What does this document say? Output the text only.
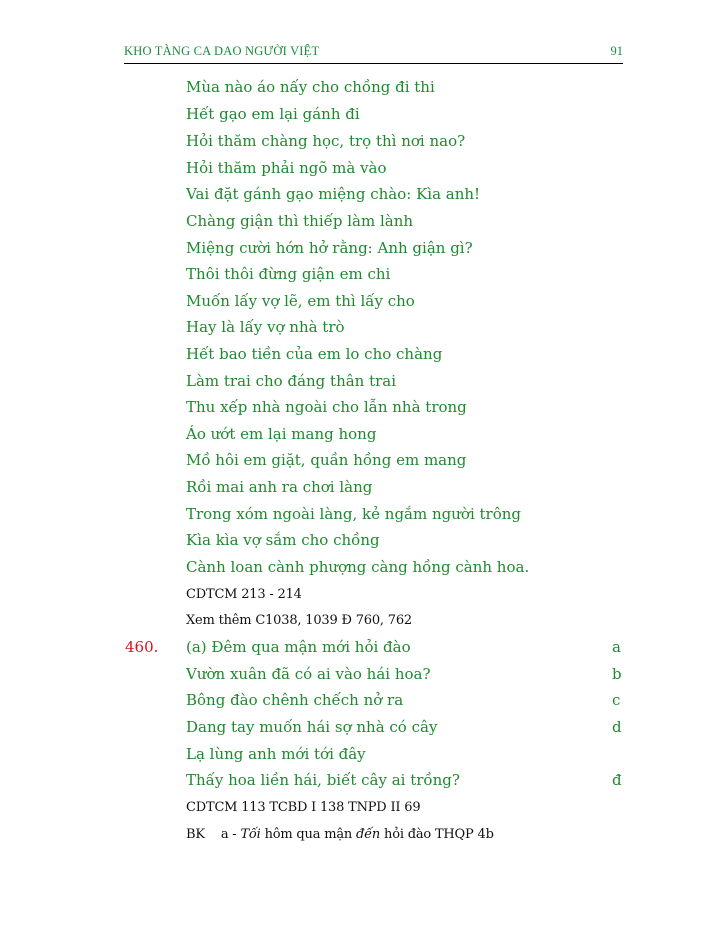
KHO TÀNG CA DAO NGƯỜI VIỆT	91
Mùa nào áo nấy cho chồng đi thi
Hết gạo em lại gánh đi
Hỏi thăm chàng học, trọ thì nơi nao?
Hỏi thăm phải ngõ mà vào
Vai đặt gánh gạo miệng chào: Kìa anh!
Chàng giận thì thiếp làm lành
Miệng cười hớn hở rằng: Anh giận gì?
Thôi thôi đừng giận em chi
Muốn lấy vợ lẽ, em thì lấy cho
Hay là lấy vợ nhà trò
Hết bao tiền của em lo cho chàng
Làm trai cho đáng thân trai
Thu xếp nhà ngoài cho lẫn nhà trong
Áo ướt em lại mang hong
Mồ hôi em giặt, quần hồng em mang
Rồi mai anh ra chơi làng
Trong xóm ngoài làng, kẻ ngắm người trông
Kìa kìa vợ sắm cho chồng
Cành loan cành phượng càng hồng cành hoa.
CDTCM 213 - 214
Xem thêm C1038, 1039 Đ 760, 762
460. (a) Đêm qua mận mới hỏi đào	a
Vườn xuân đã có ai vào hái hoa?	b
Bông đào chênh chếch nở ra	c
Dang tay muốn hái sợ nhà có cây	d
Lạ lùng anh mới tới đây
Thấy hoa liền hái, biết cây ai trồng?	đ
CDTCM 113 TCBD I 138 TNPD II 69
BK a - Tối hôm qua mận đến hỏi đào THQP 4b
